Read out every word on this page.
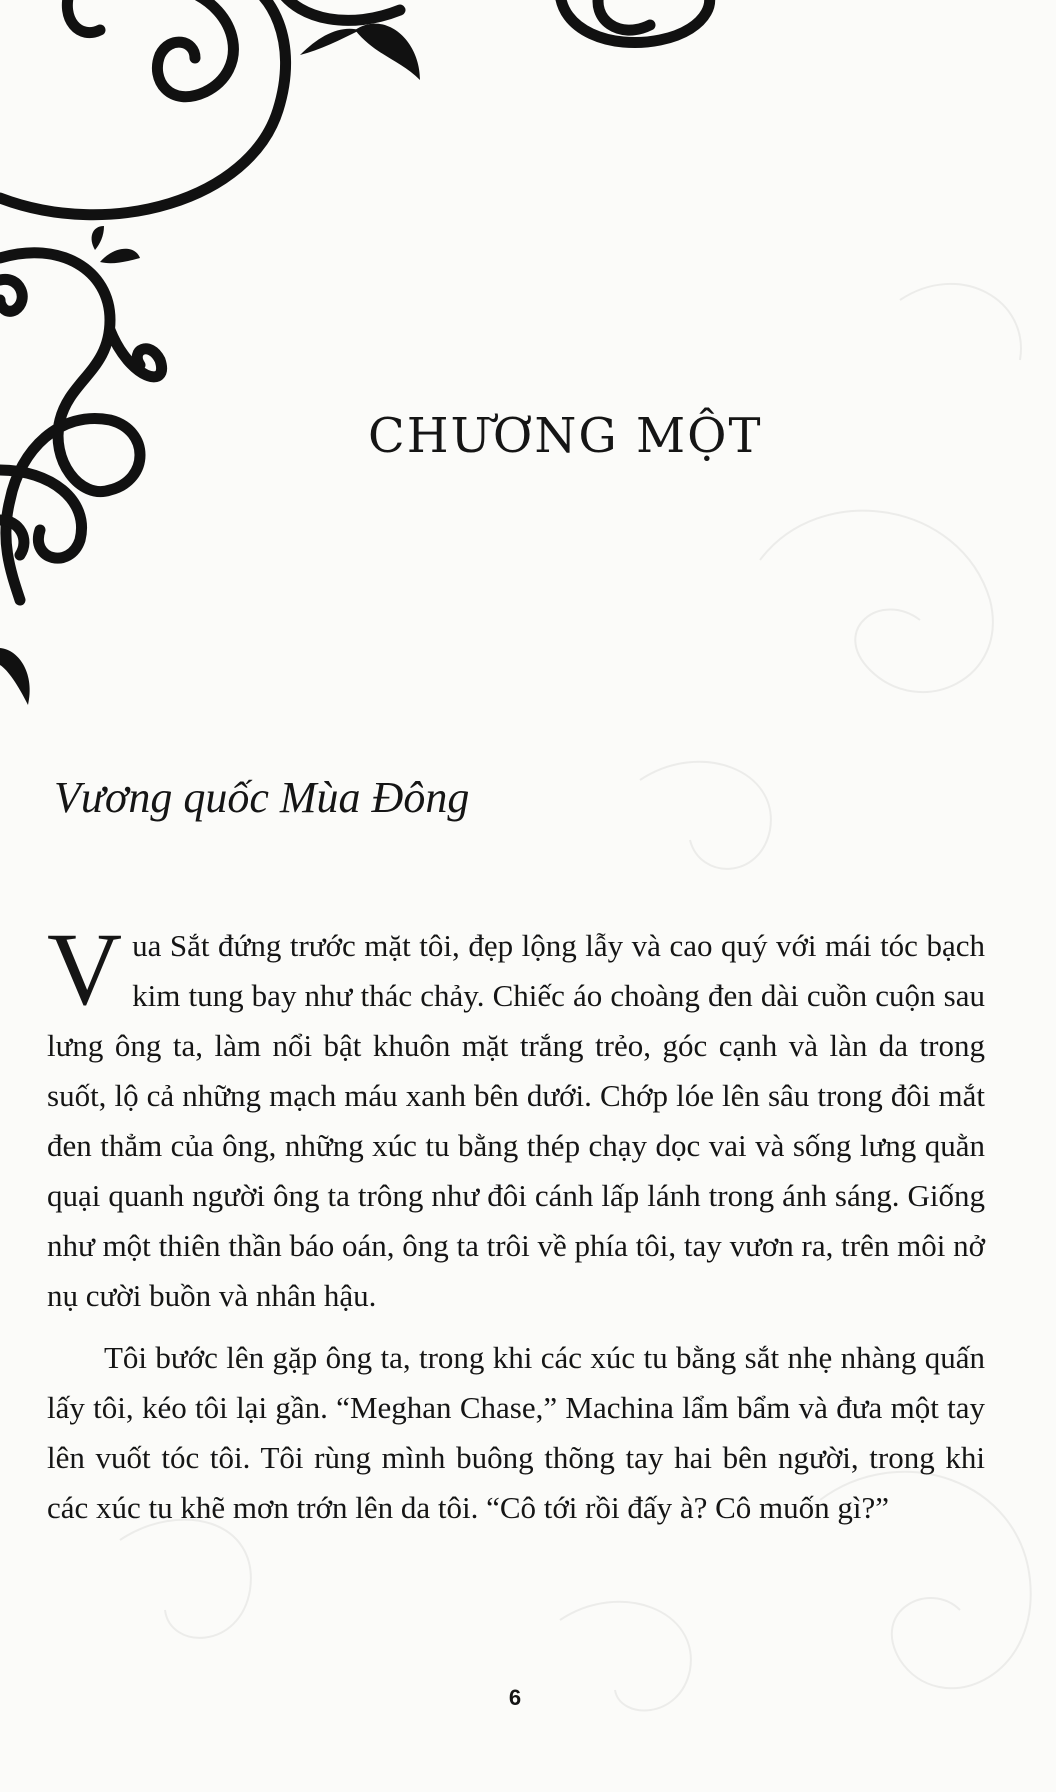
CHƯƠNG MỘT
Vương quốc Mùa Đông

Vua Sắt đứng trước mặt tôi, đẹp lộng lẫy và cao quý với mái tóc bạch kim tung bay như thác chảy. Chiếc áo choàng đen dài cuồn cuộn sau lưng ông ta, làm nổi bật khuôn mặt trắng trẻo, góc cạnh và làn da trong suốt, lộ cả những mạch máu xanh bên dưới. Chớp lóe lên sâu trong đôi mắt đen thẳm của ông, những xúc tu bằng thép chạy dọc vai và sống lưng quằn quại quanh người ông ta trông như đôi cánh lấp lánh trong ánh sáng. Giống như một thiên thần báo oán, ông ta trôi về phía tôi, tay vươn ra, trên môi nở nụ cười buồn và nhân hậu.

Tôi bước lên gặp ông ta, trong khi các xúc tu bằng sắt nhẹ nhàng quấn lấy tôi, kéo tôi lại gần. “Meghan Chase,” Machina lẩm bẩm và đưa một tay lên vuốt tóc tôi. Tôi rùng mình buông thõng tay hai bên người, trong khi các xúc tu khẽ mơn trớn lên da tôi. “Cô tới rồi đấy à? Cô muốn gì?”

6
